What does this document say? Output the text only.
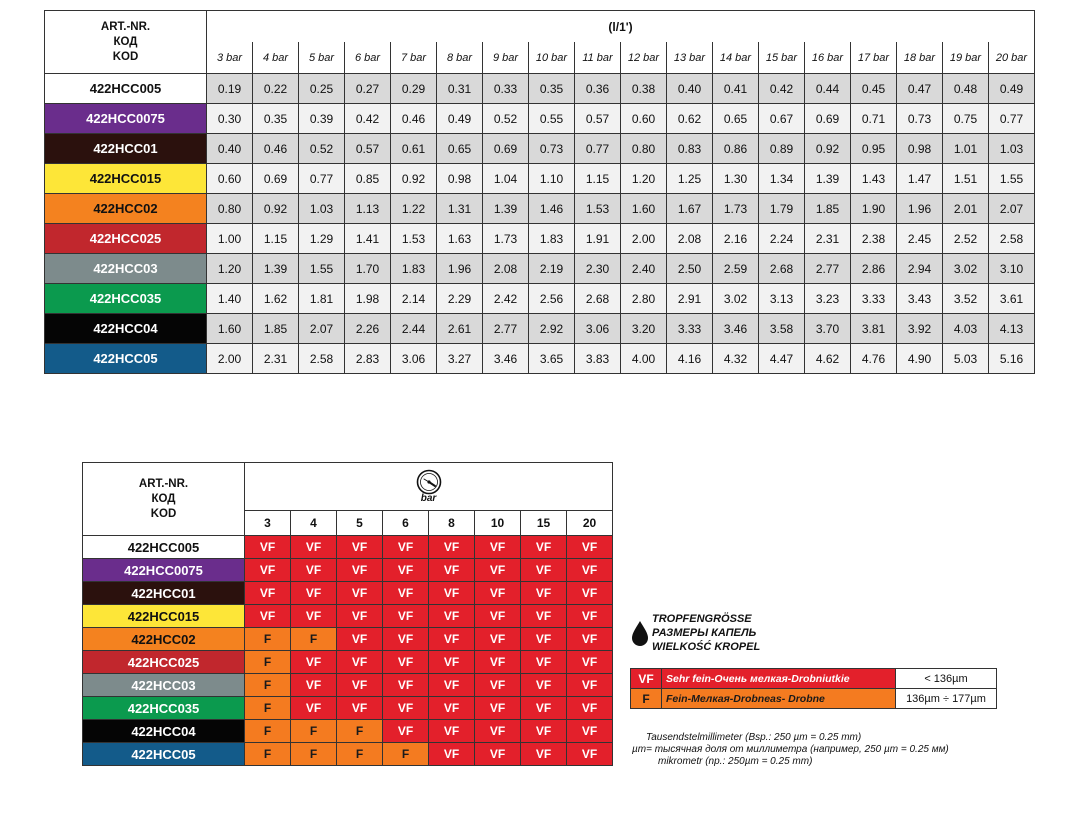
ART.-NR.
КОД
KOD	(l/1')																	
	3 bar	4 bar	5 bar	6 bar	7 bar	8 bar	9 bar	10 bar	11 bar	12 bar	13 bar	14 bar	15 bar	16 bar	17 bar	18 bar	19 bar	20 bar
422HCC005	0.19	0.22	0.25	0.27	0.29	0.31	0.33	0.35	0.36	0.38	0.40	0.41	0.42	0.44	0.45	0.47	0.48	0.49
422HCC0075	0.30	0.35	0.39	0.42	0.46	0.49	0.52	0.55	0.57	0.60	0.62	0.65	0.67	0.69	0.71	0.73	0.75	0.77
422HCC01	0.40	0.46	0.52	0.57	0.61	0.65	0.69	0.73	0.77	0.80	0.83	0.86	0.89	0.92	0.95	0.98	1.01	1.03
422HCC015	0.60	0.69	0.77	0.85	0.92	0.98	1.04	1.10	1.15	1.20	1.25	1.30	1.34	1.39	1.43	1.47	1.51	1.55
422HCC02	0.80	0.92	1.03	1.13	1.22	1.31	1.39	1.46	1.53	1.60	1.67	1.73	1.79	1.85	1.90	1.96	2.01	2.07
422HCC025	1.00	1.15	1.29	1.41	1.53	1.63	1.73	1.83	1.91	2.00	2.08	2.16	2.24	2.31	2.38	2.45	2.52	2.58
422HCC03	1.20	1.39	1.55	1.70	1.83	1.96	2.08	2.19	2.30	2.40	2.50	2.59	2.68	2.77	2.86	2.94	3.02	3.10
422HCC035	1.40	1.62	1.81	1.98	2.14	2.29	2.42	2.56	2.68	2.80	2.91	3.02	3.13	3.23	3.33	3.43	3.52	3.61
422HCC04	1.60	1.85	2.07	2.26	2.44	2.61	2.77	2.92	3.06	3.20	3.33	3.46	3.58	3.70	3.81	3.92	4.03	4.13
422HCC05	2.00	2.31	2.58	2.83	3.06	3.27	3.46	3.65	3.83	4.00	4.16	4.32	4.47	4.62	4.76	4.90	5.03	5.16
ART.-NR.
КОД
KOD	bar							

	3	4	5	6	8	10	15	20
422HCC005	VF	VF	VF	VF	VF	VF	VF	VF
422HCC0075	VF	VF	VF	VF	VF	VF	VF	VF
422HCC01	VF	VF	VF	VF	VF	VF	VF	VF
422HCC015	VF	VF	VF	VF	VF	VF	VF	VF
422HCC02	F	F	VF	VF	VF	VF	VF	VF
422HCC025	F	VF	VF	VF	VF	VF	VF	VF
422HCC03	F	VF	VF	VF	VF	VF	VF	VF
422HCC035	F	VF	VF	VF	VF	VF	VF	VF
422HCC04	F	F	F	VF	VF	VF	VF	VF
422HCC05	F	F	F	F	VF	VF	VF	VF
TROPFENGRÖSSE
РАЗМЕРЫ КАПЕЛЬ
WIELKOŚĆ KROPEL
VF	Sehr fein-Очень мелкая-Drobniutkie	< 136µm
F	Fein-Мелкая-Drobneas- Drobne	136µm ÷ 177µm
Tausendstelmillimeter (Bsp.: 250 µm = 0.25 mm)
µm= тысячная доля от миллиметра (например, 250 µm = 0.25 мм)
mikrometr (np.: 250µm = 0.25 mm)
